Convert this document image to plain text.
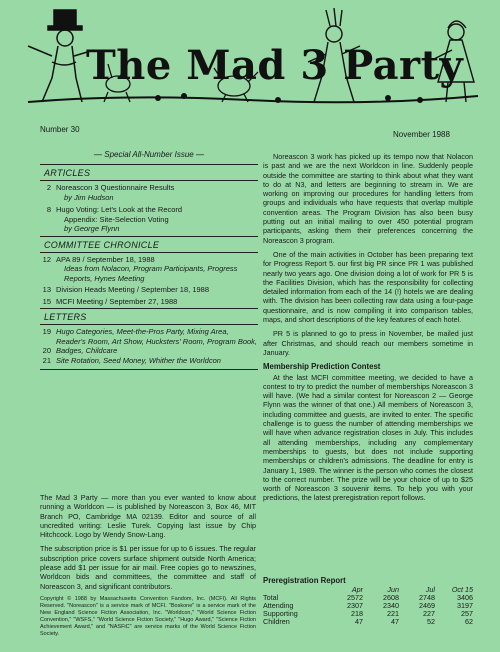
The Mad 3 Party
Number 30
November 1988
— Special All-Number Issue —
ARTICLES
2 Noreascon 3 Questionnaire Results
by Jim Hudson
8 Hugo Voting: Let's Look at the Record
Appendix: Site-Selection Voting
by George Flynn
COMMITTEE CHRONICLE
12 APA 89 / September 18, 1988
Ideas from Nolacon, Program Participants, Progress Reports, Hynes Meeting
13 Division Heads Meeting / September 18, 1988
15 MCFI Meeting / September 27, 1988
LETTERS
19 Hugo Categories, Meet-the-Pros Party, Mixing Area, Reader's Room, Art Show, Hucksters' Room, Program Book,
20 Badges, Childcare
21 Site Rotation, Seed Money, Whither the Worldcon

The Mad 3 Party — more than you ever wanted to know about running a Worldcon — is published by Noreascon 3, Box 46, MIT Branch PO, Cambridge MA 02139. Editor and source of all uncredited writing: Leslie Turek. Copying last issue by Chip Hitchcock. Logo by Wendy Snow-Lang.

The subscription price is $1 per issue for up to 6 issues. The regular subscription price covers surface shipment outside North America; please add $1 per issue for air mail. Free copies go to newszines, Worldcon bids and committees, the committee and staff of Noreascon 3, and significant contributors.

Copyright © 1988 by Massachusetts Convention Fandom, Inc. (MCFI). All Rights Reserved. "Noreascon" is a service mark of MCFI. "Boskone" is a service mark of the New England Science Fiction Association, Inc. "Worldcon," "World Science Fiction Convention," "WSFS," "World Science Fiction Society," "Hugo Award," "Science Fiction Achievement Award," and "NASFiC" are service marks of the World Science Fiction Society.

Noreascon 3 work has picked up its tempo now that Nolacon is past and we are the next Worldcon in line. Suddenly people outside the committee are starting to think about what they want to do at N3, and letters are beginning to stream in. We are working on improving our procedures for handling letters from groups and individuals who have requests that overlap multiple convention areas. The Program Division has also been busy putting out an initial mailing to over 450 potential program participants, asking them their preferences concerning the Noreascon 3 program.

One of the main activities in October has been preparing text for Progress Report 5. our first big PR since PR 1 was published nearly two years ago. One division doing a lot of work for PR 5 is the Facilities Division, which has the responsibility for collecting detailed information from each of the 14 (!) hotels we are dealing with. The division has been collecting raw data using a four-page questionnaire, and is now compiling it into comparison tables, maps, and short descriptions of the key features of each hotel.

PR 5 is planned to go to press in November, be mailed just after Christmas, and should reach our members sometime in January.

Membership Prediction Contest

At the last MCFI committee meeting, we decided to have a contest to try to predict the number of memberships Noreascon 3 will have. (We had a similar contest for Noreascon 2 — George Flynn was the winner of that one.) All members of Noreascon 3, including committee and guests, are invited to enter. The specific challenge is to guess the number of attending memberships we will have when advance registration closes in July. This includes all attending memberships, including any complementary memberships to guests, but does not include supporting memberships or children's admissions. The deadline for entry is January 1, 1989. The winner is the person who comes the closest to the correct number. The prize will be your choice of up to $25 worth of Noreascon 3 souvenir items. To help you with your predictions, the latest preregistration report follows.

Preregistration Report
Apr	Jun	Jul	Oct 15
Total	2572	2608	2748	3406
Attending	2307	2340	2469	3197
Supporting	218	221	227	257
Children	47	47	52	62
